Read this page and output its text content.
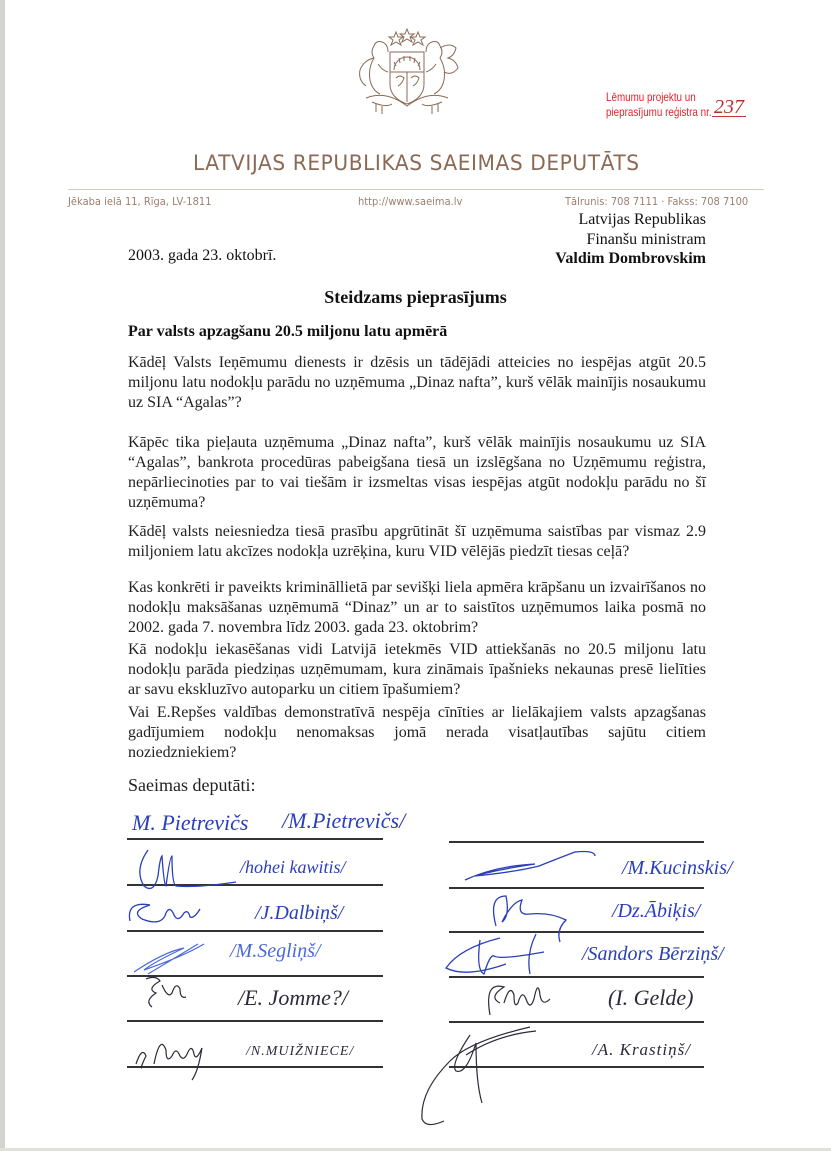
Lēmumu projektu un
pieprasījumu reģistra nr. 237
LATVIJAS REPUBLIKAS SAEIMAS DEPUTĀTS
Jēkaba ielā 11, Rīga, LV-1811	http://www.saeima.lv	Tālrunis: 708 7111 · Fakss: 708 7100
Latvijas Republikas
Finanšu ministram
Valdim Dombrovskim
2003. gada 23. oktobrī.
Steidzams pieprasījums
Par valsts apzagšanu 20.5 miljonu latu apmērā
Kādēļ Valsts Ieņēmumu dienests ir dzēsis un tādējādi atteicies no iespējas atgūt 20.5 miljonu latu nodokļu parādu no uzņēmuma „Dinaz nafta”, kurš vēlāk mainījis nosaukumu uz SIA “Agalas”?
Kāpēc tika pieļauta uzņēmuma „Dinaz nafta”, kurš vēlāk mainījis nosaukumu uz SIA “Agalas”, bankrota procedūras pabeigšana tiesā un izslēgšana no Uzņēmumu reģistra, nepārliecinoties par to vai tiešām ir izsmeltas visas iespējas atgūt nodokļu parādu no šī uzņēmuma?
Kādēļ valsts neiesniedza tiesā prasību apgrūtināt šī uzņēmuma saistības par vismaz 2.9 miljoniem latu akcīzes nodokļa uzrēķina, kuru VID vēlējās piedzīt tiesas ceļā?
Kas konkrēti ir paveikts krimināllietā par sevišķi liela apmēra krāpšanu un izvairīšanos no nodokļu maksāšanas uzņēmumā “Dinaz” un ar to saistītos uzņēmumos laika posmā no 2002. gada 7. novembra līdz 2003. gada 23. oktobrim?
Kā nodokļu iekasēšanas vidi Latvijā ietekmēs VID attiekšanās no 20.5 miljonu latu nodokļu parāda piedziņas uzņēmumam, kura zināmais īpašnieks nekaunas presē lielīties ar savu ekskluzīvo autoparku un citiem īpašumiem?
Vai E.Repšes valdības demonstratīvā nespēja cīnīties ar lielākajiem valsts apzagšanas gadījumiem nodokļu nenomaksas jomā nerada visatļautības sajūtu citiem noziedzniekiem?
Saeimas deputāti:
M. Pietrevičs /M.Pietrevičs/
/hohei kawitis/
/J.Dalbiņš/
/M.Segliņš/
/E. Jomme?/
/N.MUIŽNIECE/
/M.Kucinskis/
/Dz.Ābiķis/
/Sandors Bērziņš/
(I. Gelde)
/A. Krastiņš/
